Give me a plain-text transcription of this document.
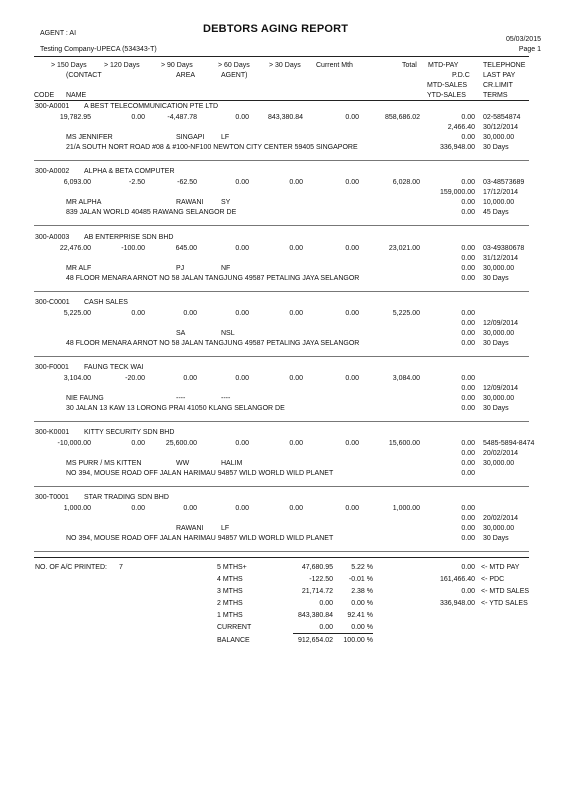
AGENT : AI	DEBTORS AGING REPORT
05/03/2015
Testing Company-UPECA (534343-T)	Page 1
> 150 Days > 120 Days	> 90 Days	> 60 Days	> 30 Days Current Mth	Total MTD-PAY	TELEPHONE
(CONTACT	AREA	AGENT)	P.D.C LAST PAY
MTD-SALES CR.LIMIT
CODE NAME	YTD-SALES TERMS
300-A0001 A BEST TELECOMMUNICATION PTE LTD
19,782.95	0.00	-4,487.78	0.00	843,380.84	0.00	858,686.02	0.00 02-5854874
2,466.40 30/12/2014
MS JENNIFER	SINGAPI LF	0.00 30,000.00
21/A SOUTH NORT ROAD #08 & #100-NF100 NEWTON CITY CENTER 59405 SINGAPORE	336,948.00 30 Days
300-A0002 ALPHA & BETA COMPUTER
6,093.00	-2.50	-62.50	0.00	0.00	0.00	6,028.00	0.00 03-48573689
159,000.00 17/12/2014
MR ALPHA	RAWANI	SY	0.00 10,000.00
839 JALAN WORLD 40485 RAWANG SELANGOR DE	0.00 45 Days
300-A0003 AB ENTERPRISE SDN BHD
22,476.00	-100.00	645.00	0.00	0.00	0.00	23,021.00	0.00 03-49380678
0.00 31/12/2014
MR ALF	PJ	NF	0.00 30,000.00
48 FLOOR MENARA ARNOT NO 58 JALAN TANGJUNG 49587 PETALING JAYA SELANGOR	0.00 30 Days
300-C0001 CASH SALES
5,225.00	0.00	0.00	0.00	0.00	0.00	5,225.00	0.00
0.00 12/09/2014
SA	NSL	0.00 30,000.00
48 FLOOR MENARA ARNOT NO 58 JALAN TANGJUNG 49587 PETALING JAYA SELANGOR	0.00 30 Days
300-F0001 FAUNG TECK WAI
3,104.00	-20.00	0.00	0.00	0.00	0.00	3,084.00	0.00
0.00 12/09/2014
NIE FAUNG	----	----	0.00 30,000.00
30 JALAN 13 KAW 13 LORONG PRAI 41050 KLANG SELANGOR DE	0.00 30 Days
300-K0001 KITTY SECURITY SDN BHD
-10,000.00	0.00	25,600.00	0.00	0.00	0.00	15,600.00	0.00 5485-5894-8474
0.00 20/02/2014
MS PURR / MS KITTEN	WW	HALIM	0.00 30,000.00
NO 394, MOUSE ROAD OFF JALAN HARIMAU 94857 WILD WORLD WILD PLANET	0.00
300-T0001 STAR TRADING SDN BHD
1,000.00	0.00	0.00	0.00	0.00	0.00	1,000.00	0.00
0.00 20/02/2014
RAWANI	LF	0.00 30,000.00
NO 394, MOUSE ROAD OFF JALAN HARIMAU 94857 WILD WORLD WILD PLANET	0.00 30 Days
NO. OF A/C PRINTED: 7	5 MTHS+	47,680.95	5.22 %
4 MTHS	-122.50	-0.01 %
3 MTHS	21,714.72	2.38 %
2 MTHS	0.00	0.00 %
1 MTHS	843,380.84	92.41 %
CURRENT	0.00	0.00 %
BALANCE	912,654.02	100.00 %
0.00 <- MTD PAY
161,466.40 <- PDC
0.00 <- MTD SALES
336,948.00 <- YTD SALES
